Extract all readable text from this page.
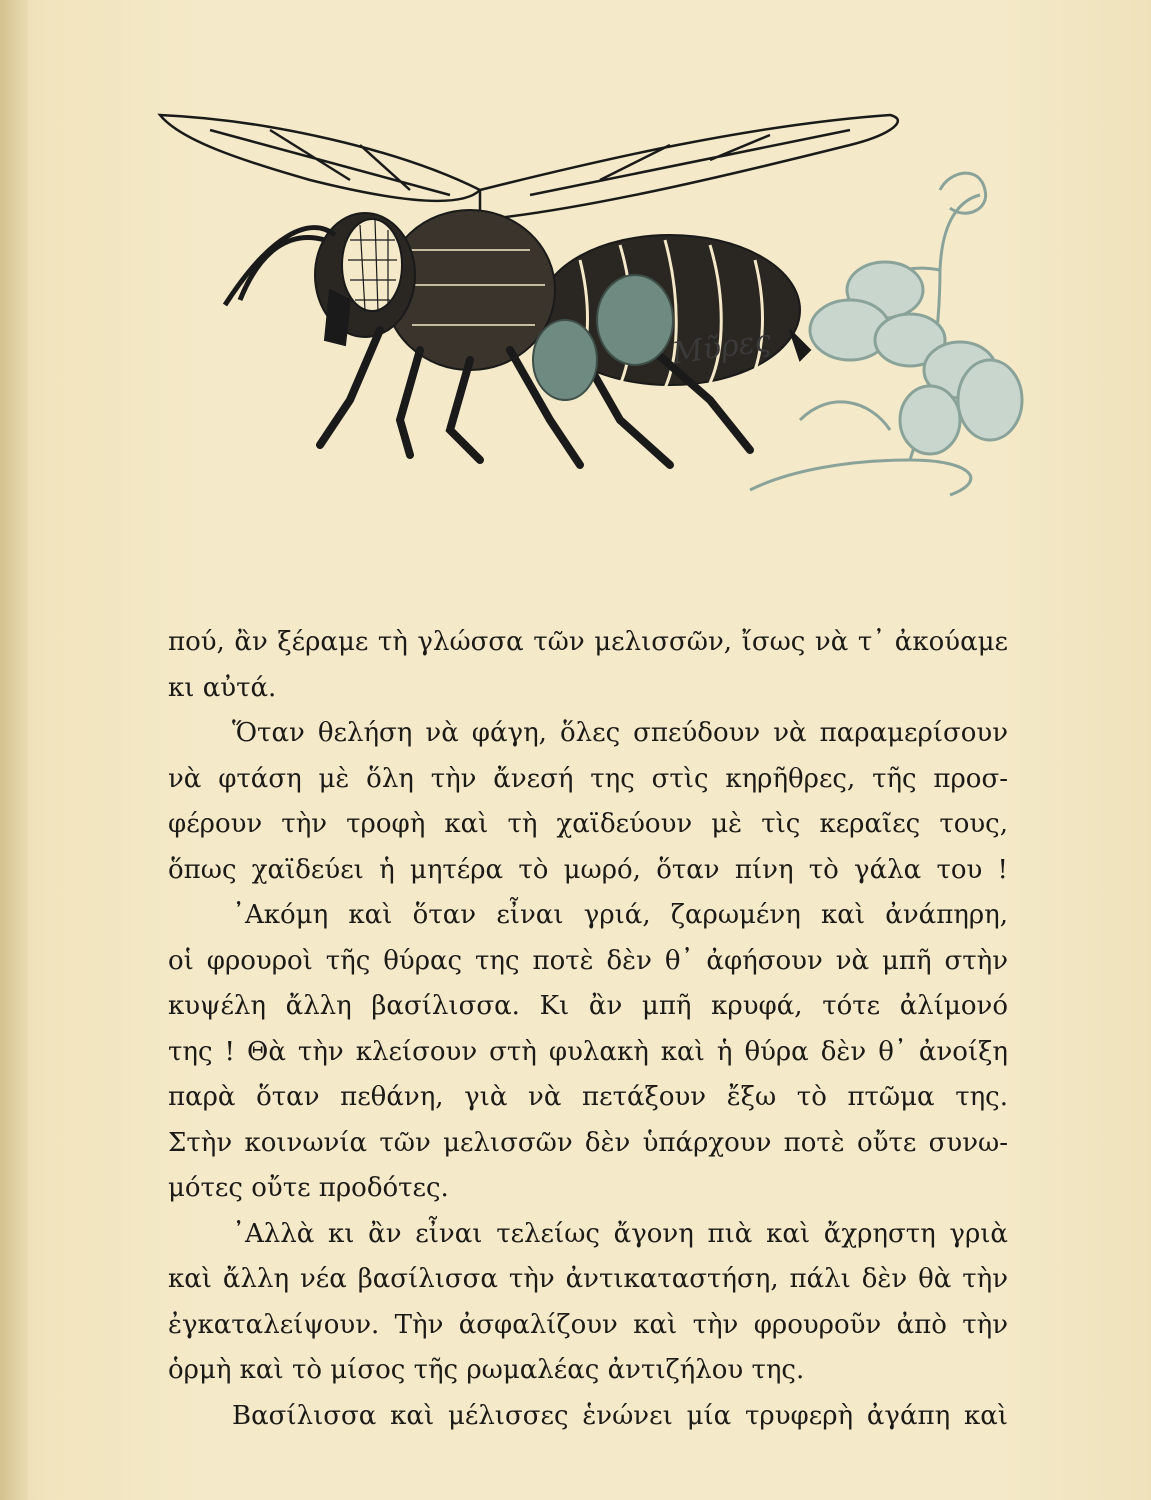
Μῦρες
πού, ἂν ξέραμε τὴ γλώσσα τῶν μελισσῶν, ἴσως νὰ τ᾽ ἀκούαμε
κι αὐτά.
Ὅταν θελήση νὰ φάγη, ὅλες σπεύδουν νὰ παραμερίσουν
νὰ φτάση μὲ ὅλη τὴν ἄνεσή της στὶς κηρῆθρες, τῆς προσ-
φέρουν τὴν τροφὴ καὶ τὴ χαϊδεύουν μὲ τὶς κεραῖες τους,
ὅπως χαϊδεύει ἡ μητέρα τὸ μωρό, ὅταν πίνη τὸ γάλα του !
᾽Ακόμη καὶ ὅταν εἶναι γριά, ζαρωμένη καὶ ἀνάπηρη,
οἱ φρουροὶ τῆς θύρας της ποτὲ δὲν θ᾽ ἀφήσουν νὰ μπῆ στὴν
κυψέλη ἄλλη βασίλισσα. Κι ἂν μπῆ κρυφά, τότε ἀλίμονό
της ! Θὰ τὴν κλείσουν στὴ φυλακὴ καὶ ἡ θύρα δὲν θ᾽ ἀνοίξη
παρὰ ὅταν πεθάνη, γιὰ νὰ πετάξουν ἔξω τὸ πτῶμα της.
Στὴν κοινωνία τῶν μελισσῶν δὲν ὑπάρχουν ποτὲ οὔτε συνω-
μότες οὔτε προδότες.
᾽Αλλὰ κι ἂν εἶναι τελείως ἄγονη πιὰ καὶ ἄχρηστη γριὰ
καὶ ἄλλη νέα βασίλισσα τὴν ἀντικαταστήση, πάλι δὲν θὰ τὴν
ἐγκαταλείψουν. Τὴν ἀσφαλίζουν καὶ τὴν φρουροῦν ἀπὸ τὴν
ὁρμὴ καὶ τὸ μίσος τῆς ρωμαλέας ἀντιζήλου της.
Βασίλισσα καὶ μέλισσες ἑνώνει μία τρυφερὴ ἀγάπη καὶ
